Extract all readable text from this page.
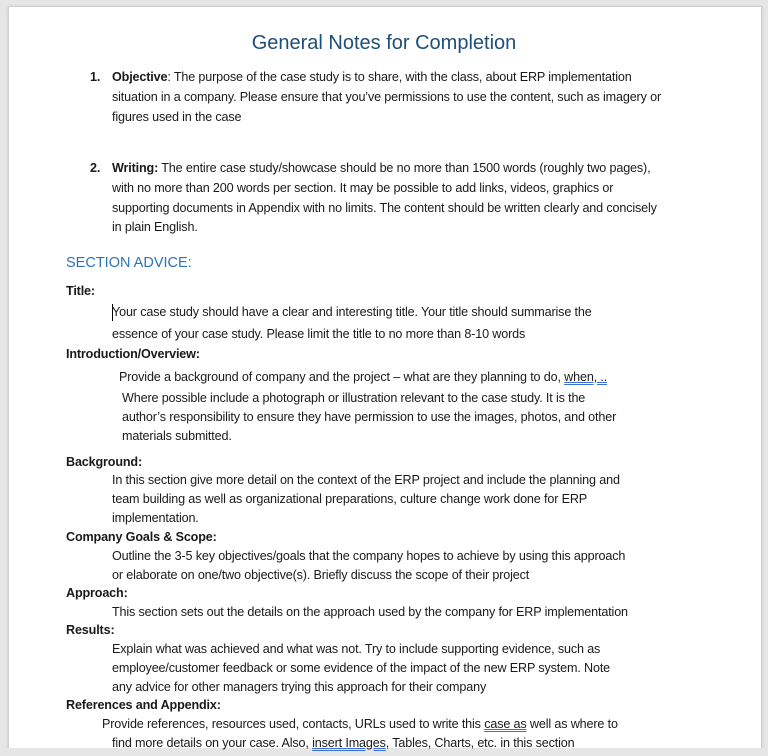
General Notes for Completion
1. Objective: The purpose of the case study is to share, with the class, about ERP implementation
situation in a company. Please ensure that you’ve permissions to use the content, such as imagery or
figures used in the case
2. Writing: The entire case study/showcase should be no more than 1500 words (roughly two pages),
with no more than 200 words per section. It may be possible to add links, videos, graphics or
supporting documents in Appendix with no limits. The content should be written clearly and concisely
in plain English.
SECTION ADVICE:
Title:
Your case study should have a clear and interesting title. Your title should summarise the
essence of your case study. Please limit the title to no more than 8-10 words
Introduction/Overview:
Provide a background of company and the project – what are they planning to do, when, ..
Where possible include a photograph or illustration relevant to the case study. It is the
author’s responsibility to ensure they have permission to use the images, photos, and other
materials submitted.
Background:
In this section give more detail on the context of the ERP project and include the planning and
team building as well as organizational preparations, culture change work done for ERP
implementation.
Company Goals & Scope:
Outline the 3-5 key objectives/goals that the company hopes to achieve by using this approach
or elaborate on one/two objective(s). Briefly discuss the scope of their project
Approach:
This section sets out the details on the approach used by the company for ERP implementation
Results:
Explain what was achieved and what was not. Try to include supporting evidence, such as
employee/customer feedback or some evidence of the impact of the new ERP system. Note
any advice for other managers trying this approach for their company
References and Appendix:
Provide references, resources used, contacts, URLs used to write this case as well as where to
find more details on your case. Also, insert Images, Tables, Charts, etc. in this section
